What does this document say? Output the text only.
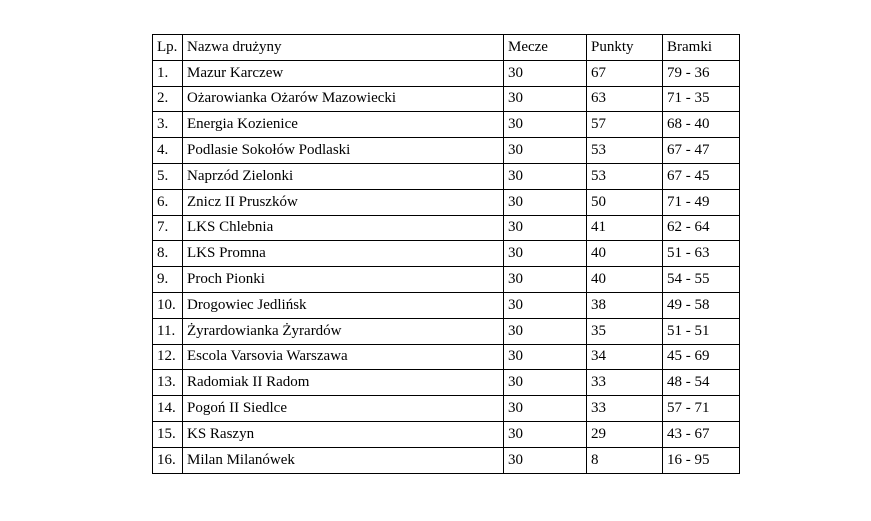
Lp.	Nazwa drużyny	Mecze	Punkty	Bramki
1.	Mazur Karczew	30	67	79 - 36
2.	Ożarowianka Ożarów Mazowiecki	30	63	71 - 35
3.	Energia Kozienice	30	57	68 - 40
4.	Podlasie Sokołów Podlaski	30	53	67 - 47
5.	Naprzód Zielonki	30	53	67 - 45
6.	Znicz II Pruszków	30	50	71 - 49
7.	LKS Chlebnia	30	41	62 - 64
8.	LKS Promna	30	40	51 - 63
9.	Proch Pionki	30	40	54 - 55
10.	Drogowiec Jedlińsk	30	38	49 - 58
11.	Żyrardowianka Żyrardów	30	35	51 - 51
12.	Escola Varsovia Warszawa	30	34	45 - 69
13.	Radomiak II Radom	30	33	48 - 54
14.	Pogoń II Siedlce	30	33	57 - 71
15.	KS Raszyn	30	29	43 - 67
16.	Milan Milanówek	30	8	16 - 95
